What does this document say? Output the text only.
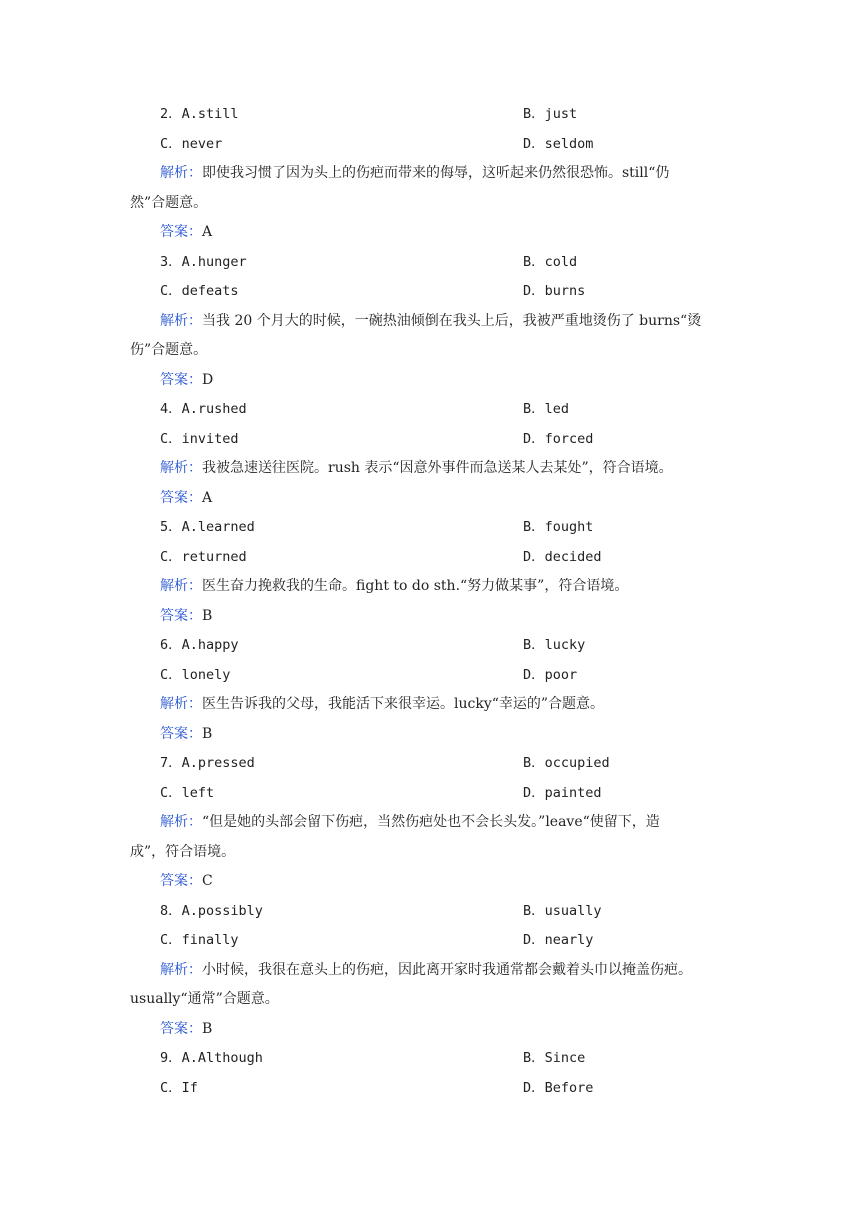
2．A.still	B．just
C．never	D．seldom
解析：即使我习惯了因为头上的伤疤而带来的侮辱，这听起来仍然很恐怖。still“仍
然”合题意。
答案：A
3．A.hunger	B．cold
C．defeats	D．burns
解析：当我 20 个月大的时候，一碗热油倾倒在我头上后，我被严重地烫伤了 burns“烫
伤”合题意。
答案：D
4．A.rushed	B．led
C．invited	D．forced
解析：我被急速送往医院。rush 表示“因意外事件而急送某人去某处”，符合语境。
答案：A
5．A.learned	B．fought
C．returned	D．decided
解析：医生奋力挽救我的生命。fight to do sth.“努力做某事”，符合语境。
答案：B
6．A.happy	B．lucky
C．lonely	D．poor
解析：医生告诉我的父母，我能活下来很幸运。lucky“幸运的”合题意。
答案：B
7．A.pressed	B．occupied
C．left	D．painted
解析：“但是她的头部会留下伤疤，当然伤疤处也不会长头发。”leave“使留下，造
成”，符合语境。
答案：C
8．A.possibly	B．usually
C．finally	D．nearly
解析：小时候，我很在意头上的伤疤，因此离开家时我通常都会戴着头巾以掩盖伤疤。
usually“通常”合题意。
答案：B
9．A.Although	B．Since
C．If	D．Before
